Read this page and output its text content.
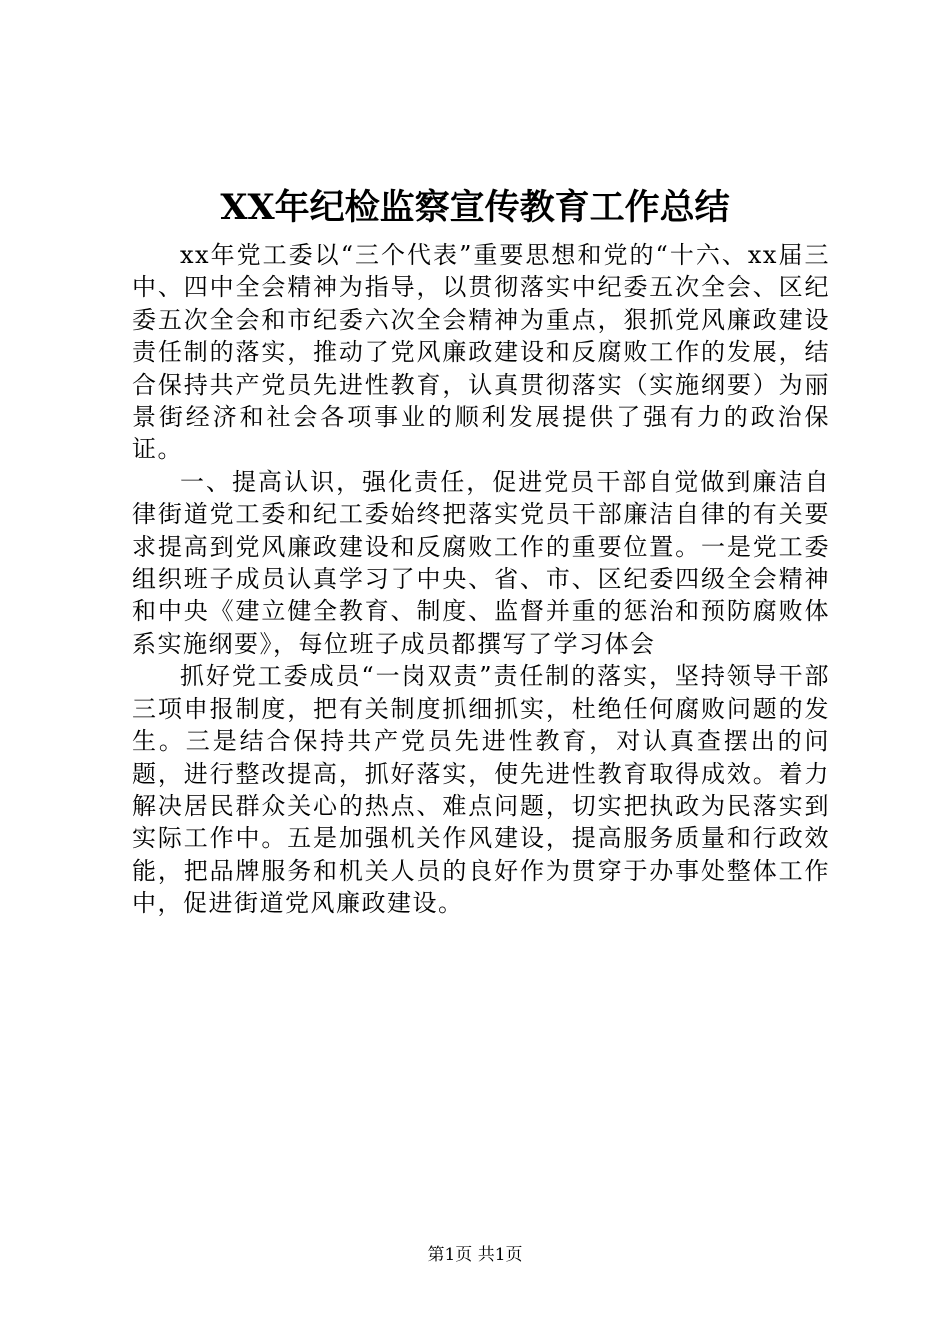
XX年纪检监察宣传教育工作总结

xx年党工委以“三个代表”重要思想和党的“十六、xx届三中、四中全会精神为指导，以贯彻落实中纪委五次全会、区纪委五次全会和市纪委六次全会精神为重点，狠抓党风廉政建设责任制的落实，推动了党风廉政建设和反腐败工作的发展，结合保持共产党员先进性教育，认真贯彻落实（实施纲要）为丽景街经济和社会各项事业的顺利发展提供了强有力的政治保证。

一、提高认识，强化责任，促进党员干部自觉做到廉洁自律街道党工委和纪工委始终把落实党员干部廉洁自律的有关要求提高到党风廉政建设和反腐败工作的重要位置。一是党工委组织班子成员认真学习了中央、省、市、区纪委四级全会精神和中央《建立健全教育、制度、监督并重的惩治和预防腐败体系实施纲要》，每位班子成员都撰写了学习体会

抓好党工委成员“一岗双责”责任制的落实，坚持领导干部三项申报制度，把有关制度抓细抓实，杜绝任何腐败问题的发生。三是结合保持共产党员先进性教育，对认真查摆出的问题，进行整改提高，抓好落实，使先进性教育取得成效。着力解决居民群众关心的热点、难点问题，切实把执政为民落实到实际工作中。五是加强机关作风建设，提高服务质量和行政效能，把品牌服务和机关人员的良好作为贯穿于办事处整体工作中，促进街道党风廉政建设。

第1页 共1页
